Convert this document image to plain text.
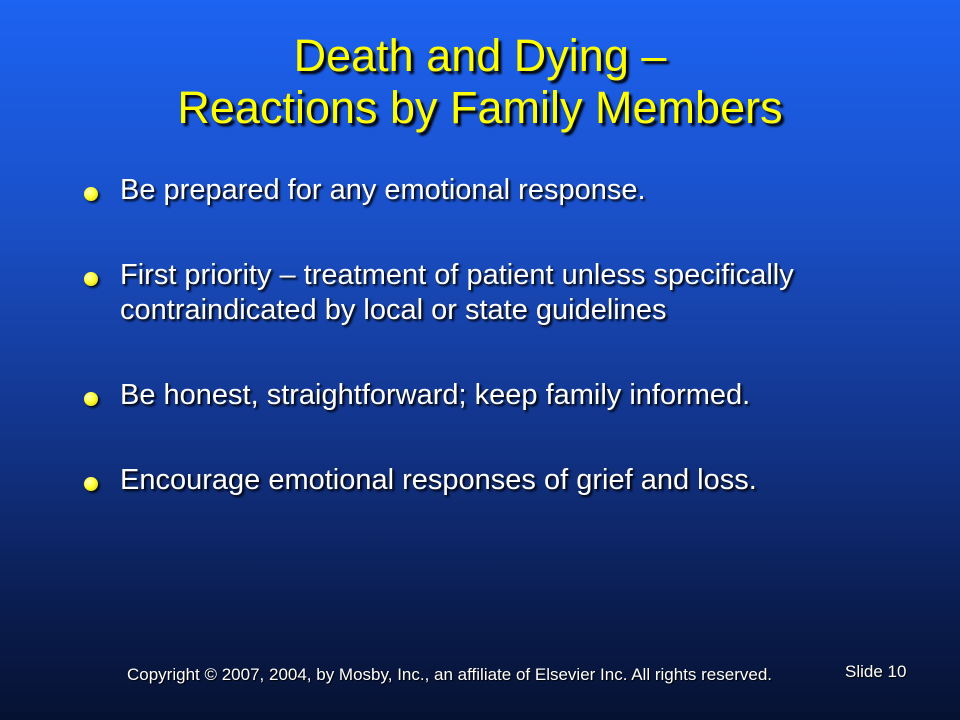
Death and Dying –
Reactions by Family Members
Be prepared for any emotional response.
First priority – treatment of patient unless specifically contraindicated by local or state guidelines
Be honest, straightforward; keep family informed.
Encourage emotional responses of grief and loss.
Copyright © 2007, 2004, by Mosby, Inc., an affiliate of Elsevier Inc. All rights reserved.	Slide 10
